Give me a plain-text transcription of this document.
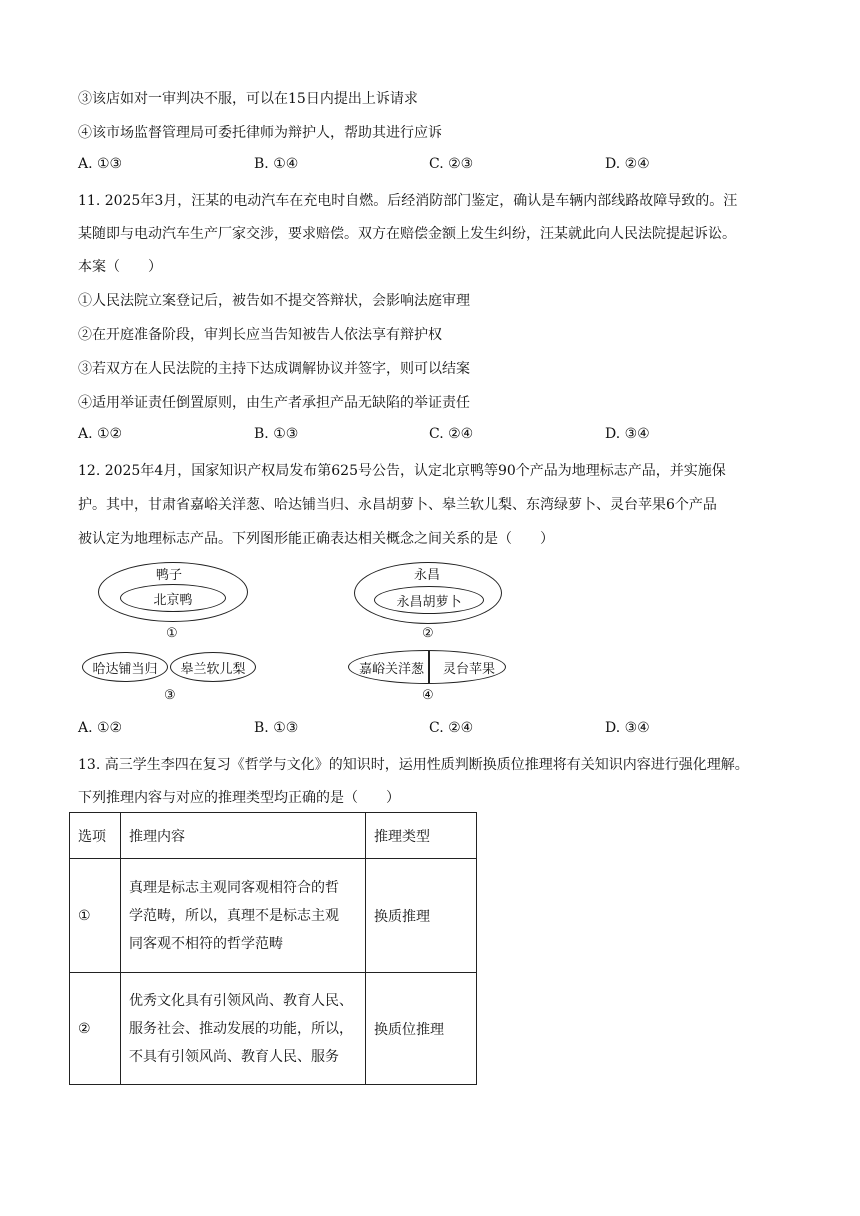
③该店如对一审判决不服，可以在15日内提出上诉请求
④该市场监督管理局可委托律师为辩护人，帮助其进行应诉
A. ①③	B. ①④	C. ②③	D. ②④
11. 2025年3月，汪某的电动汽车在充电时自燃。后经消防部门鉴定，确认是车辆内部线路故障导致的。汪
某随即与电动汽车生产厂家交涉，要求赔偿。双方在赔偿金额上发生纠纷，汪某就此向人民法院提起诉讼。
本案（　　）
①人民法院立案登记后，被告如不提交答辩状，会影响法庭审理
②在开庭准备阶段，审判长应当告知被告人依法享有辩护权
③若双方在人民法院的主持下达成调解协议并签字，则可以结案
④适用举证责任倒置原则，由生产者承担产品无缺陷的举证责任
A. ①②	B. ①③	C. ②④	D. ③④
12. 2025年4月，国家知识产权局发布第625号公告，认定北京鸭等90个产品为地理标志产品，并实施保
护。其中，甘肃省嘉峪关洋葱、哈达铺当归、永昌胡萝卜、皋兰软儿梨、东湾绿萝卜、灵台苹果6个产品
被认定为地理标志产品。下列图形能正确表达相关概念之间关系的是（　　）
鸭子
北京鸭
①
永昌
永昌胡萝卜
②
哈达铺当归 皋兰软儿梨
③
嘉峪关洋葱 灵台苹果
④
A. ①②	B. ①③	C. ②④	D. ③④
13. 高三学生李四在复习《哲学与文化》的知识时，运用性质判断换质位推理将有关知识内容进行强化理解。
下列推理内容与对应的推理类型均正确的是（　　）
选项	推理内容	推理类型
①	真理是标志主观同客观相符合的哲
学范畴，所以，真理不是标志主观
同客观不相符的哲学范畴	换质推理
②	优秀文化具有引领风尚、教育人民、
服务社会、推动发展的功能，所以，
不具有引领风尚、教育人民、服务	换质位推理
